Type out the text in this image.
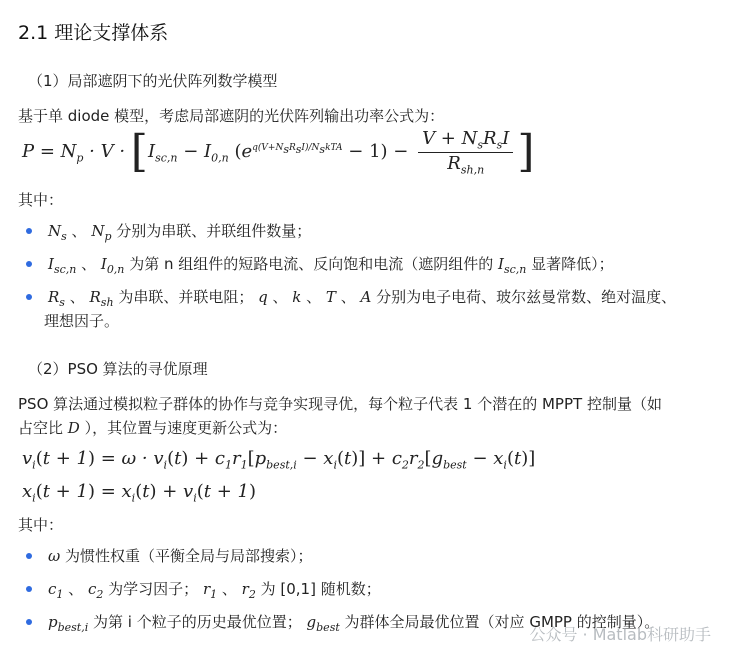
2.1 理论支撑体系
（1）局部遮阴下的光伏阵列数学模型
基于单 diode 模型，考虑局部遮阴的光伏阵列输出功率公式为：
$P = N_p \cdot V \cdot [I_{sc,n} - I_{0,n}$ $(e^{q(V+N_sR_sI)/N_skTA} - 1) - \frac{V + N_sR_sI}{R_{sh,n}}$ ]
其中：
$N_s$ 、 $N_p$ 分别为串联、并联组件数量；
$I_{sc,n}$ 、 $I_{0,n}$ 为第 n 组组件的短路电流、反向饱和电流（遮阴组件的 $I_{sc,n}$ 显著降低）；
$R_s$ 、 $R_{sh}$ 为串联、并联电阻； q 、 k 、 T 、 A 分别为电子电荷、玻尔兹曼常数、绝对温度、
理想因子。
（2）PSO 算法的寻优原理
PSO 算法通过模拟粒子群体的协作与竞争实现寻优，每个粒子代表 1 个潜在的 MPPT 控制量（如
占空比 D ），其位置与速度更新公式为：
$v_i(t + 1) = \omega \cdot v_i(t) + c_1r_1[p_{best,i} - x_i(t)] + c_2r_2[g_{best} - x_i(t)]$
$x_i(t + 1) = x_i(t) + v_i(t + 1)$
其中：
ω 为惯性权重（平衡全局与局部搜索）；
$c_1$ 、 $c_2$ 为学习因子； $r_1$ 、 $r_2$ 为 [0,1] 随机数；
$p_{best,i}$ 为第 i 个粒子的历史最优位置； $g_{best}$ 为群体全局最优位置（对应 GMPP 的控制量）。
公众号 · Matlab科研助手
